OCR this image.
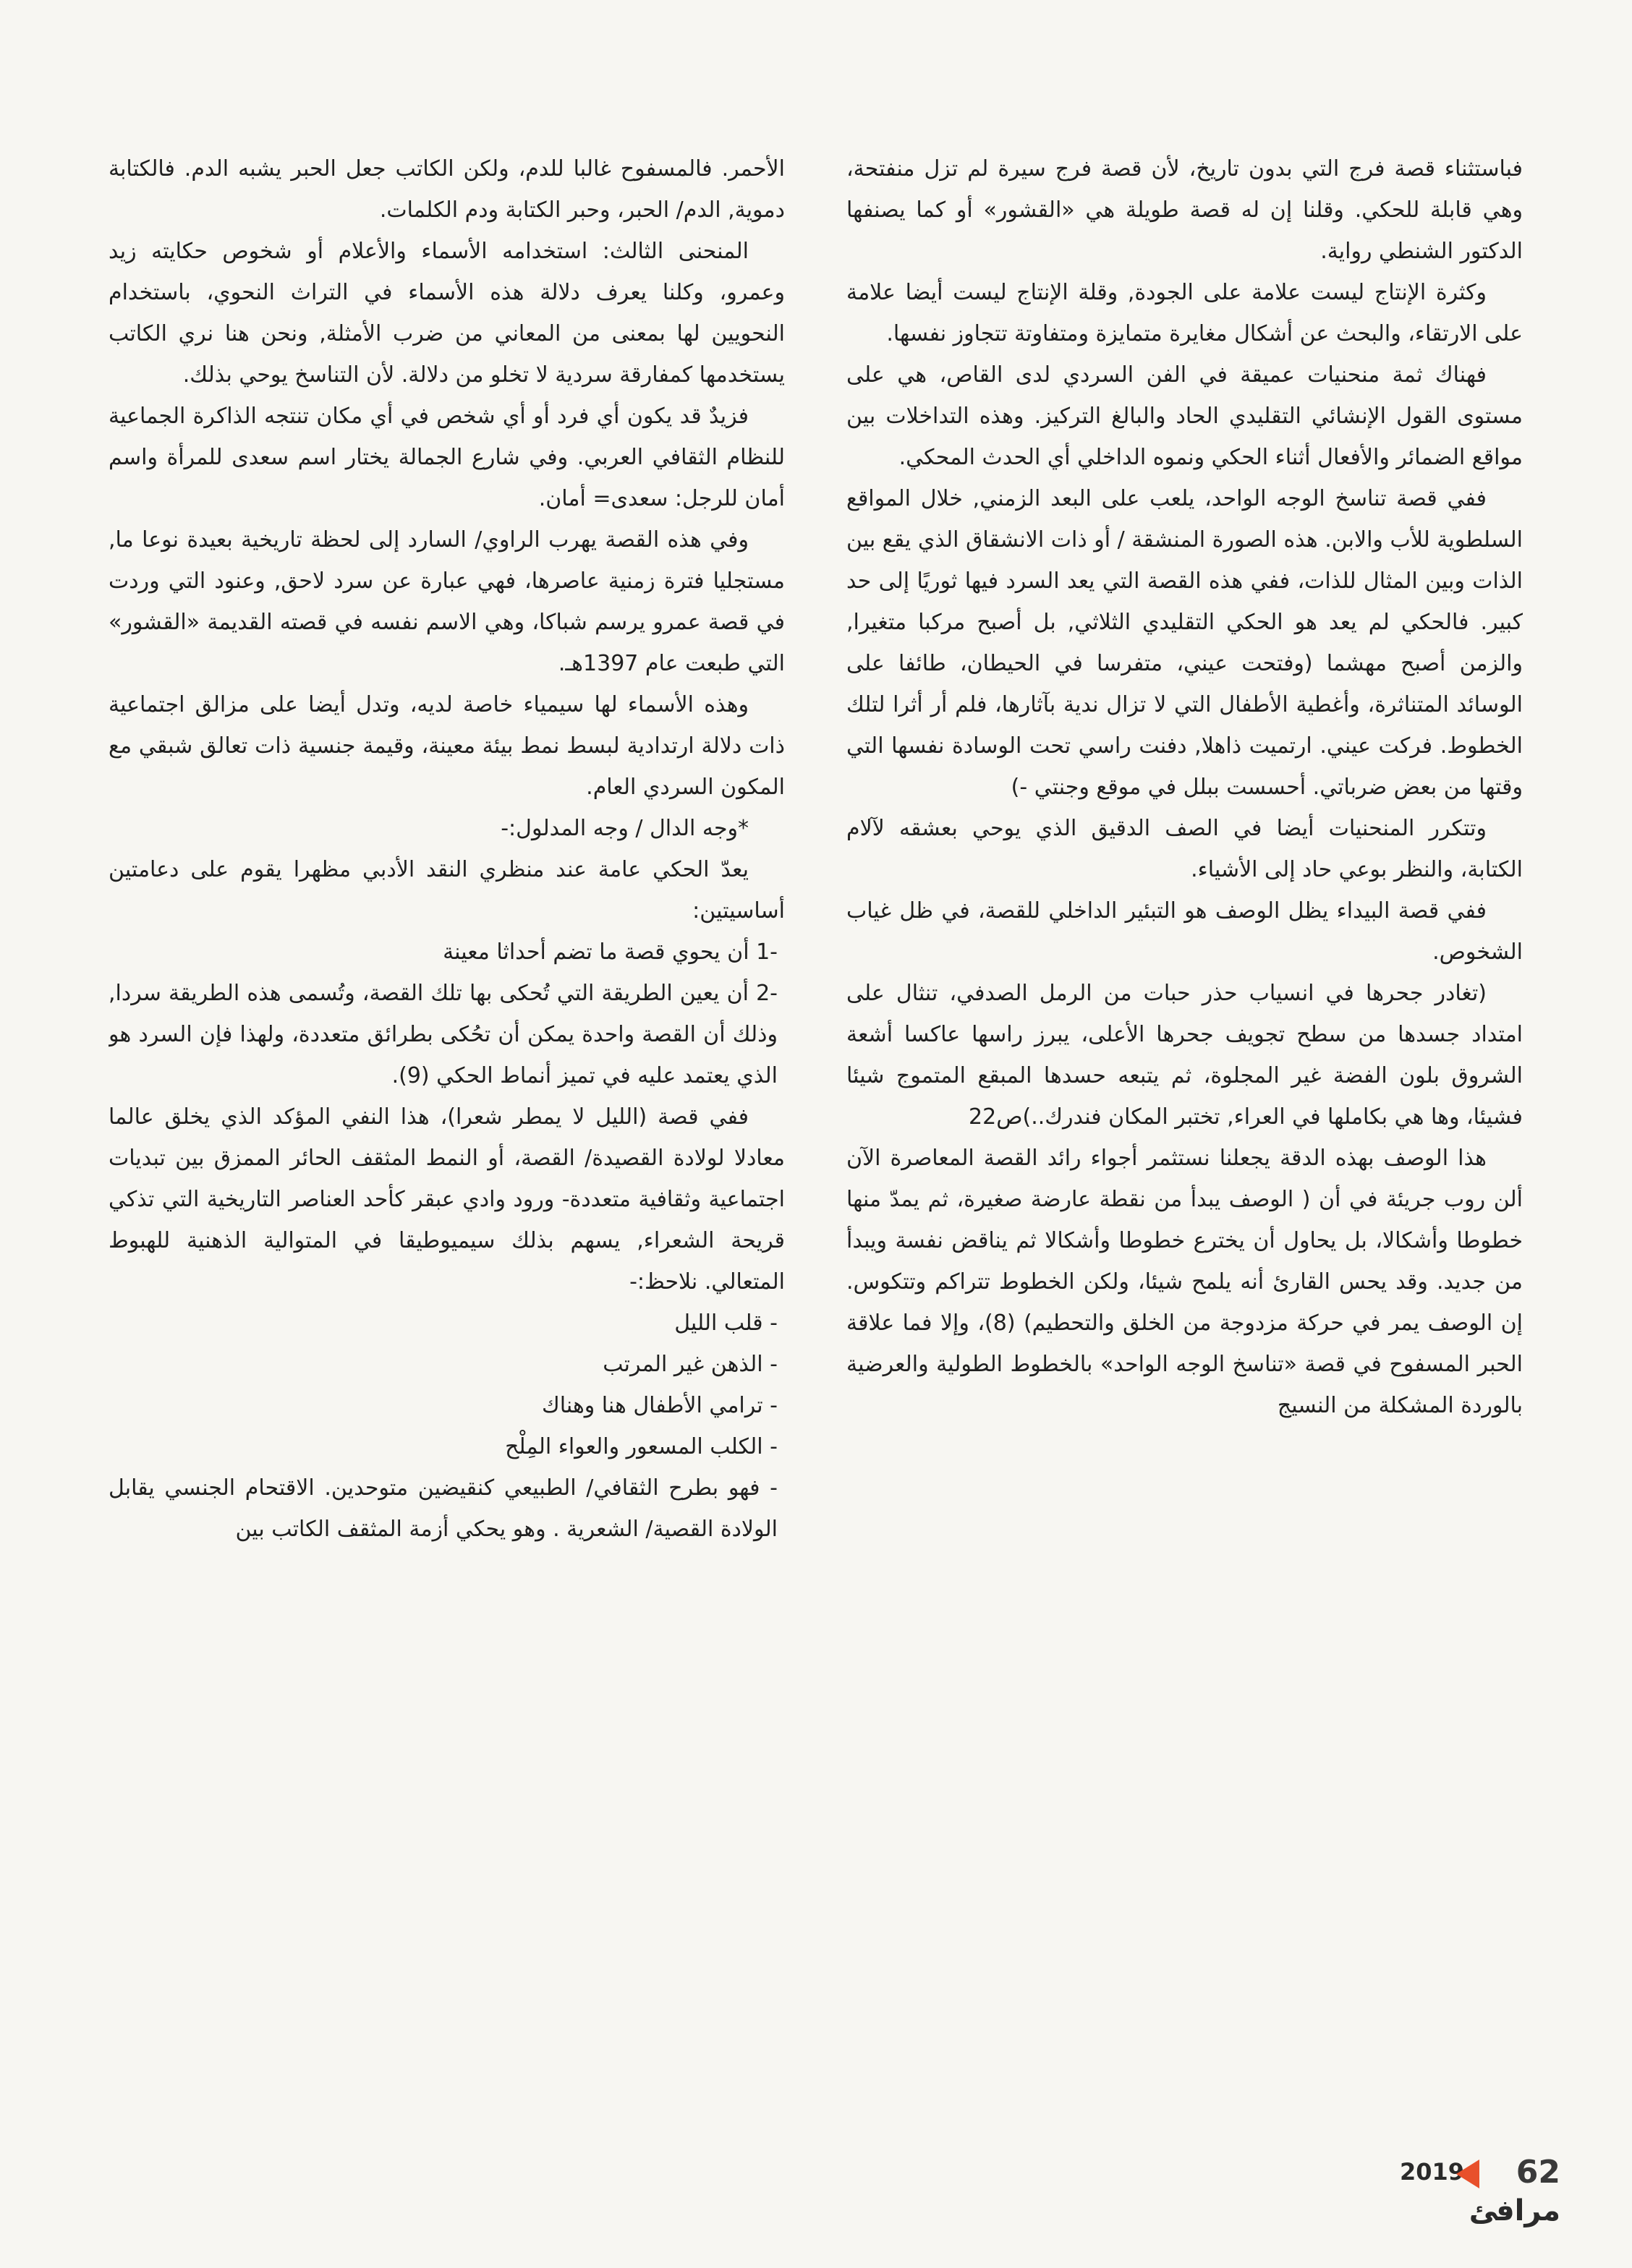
فباستثناء قصة فرج التي بدون تاريخ، لأن قصة فرج سيرة لم تزل منفتحة، وهي قابلة للحكي. وقلنا إن له قصة طويلة هي «القشور» أو كما يصنفها الدكتور الشنطي رواية.

وكثرة الإنتاج ليست علامة على الجودة, وقلة الإنتاج ليست أيضا علامة على الارتقاء، والبحث عن أشكال مغايرة متمايزة ومتفاوتة تتجاوز نفسها.

فهناك ثمة منحنيات عميقة في الفن السردي لدى القاص، هي على مستوى القول الإنشائي التقليدي الحاد والبالغ التركيز. وهذه التداخلات بين مواقع الضمائر والأفعال أثناء الحكي ونموه الداخلي أي الحدث المحكي.

ففي قصة تناسخ الوجه الواحد، يلعب على البعد الزمني, خلال المواقع السلطوية للأب والابن. هذه الصورة المنشقة / أو ذات الانشقاق الذي يقع بين الذات وبين المثال للذات، ففي هذه القصة التي يعد السرد فيها ثوريًا إلى حد كبير. فالحكي لم يعد هو الحكي التقليدي الثلاثي, بل أصبح مركبا متغيرا, والزمن أصبح مهشما (وفتحت عيني، متفرسا في الحيطان، طائفا على الوسائد المتناثرة، وأغطية الأطفال التي لا تزال ندية بآثارها، فلم أر أثرا لتلك الخطوط. فركت عيني. ارتميت ذاهلا, دفنت راسي تحت الوسادة نفسها التي وقتها من بعض ضرباتي. أحسست ببلل في موقع وجنتي -)

وتتكرر المنحنيات أيضا في الصف الدقيق الذي يوحي بعشقه لآلام الكتابة، والنظر بوعي حاد إلى الأشياء.

ففي قصة البيداء يظل الوصف هو التبئير الداخلي للقصة، في ظل غياب الشخوص.

(تغادر جحرها في انسياب حذر حبات من الرمل الصدفي، تنثال على امتداد جسدها من سطح تجويف جحرها الأعلى، يبرز راسها عاكسا أشعة الشروق بلون الفضة غير المجلوة، ثم يتبعه حسدها المبقع المتموج شيئا فشيئا، وها هي بكاملها في العراء, تختبر المكان فندرك..)ص22

هذا الوصف بهذه الدقة يجعلنا نستثمر أجواء رائد القصة المعاصرة الآن ألن روب جريئة في أن ( الوصف يبدأ من نقطة عارضة صغيرة، ثم يمدّ منها خطوطا وأشكالا، بل يحاول أن يخترع خطوطا وأشكالا ثم يناقض نفسة ويبدأ من جديد. وقد يحس القارئ أنه يلمح شيئا، ولكن الخطوط تتراكم وتتكوس. إن الوصف يمر في حركة مزدوجة من الخلق والتحطيم) (8)، وإلا فما علاقة الحبر المسفوح في قصة «تناسخ الوجه الواحد» بالخطوط الطولية والعرضية بالوردة المشكلة من النسيج

الأحمر. فالمسفوح غالبا للدم، ولكن الكاتب جعل الحبر يشبه الدم. فالكتابة دموية, الدم/ الحبر، وحبر الكتابة ودم الكلمات.

المنحنى الثالث: استخدامه الأسماء والأعلام أو شخوص حكايته زيد وعمرو، وكلنا يعرف دلالة هذه الأسماء في التراث النحوي، باستخدام النحويين لها بمعنى من المعاني من ضرب الأمثلة, ونحن هنا نري الكاتب يستخدمها كمفارقة سردية لا تخلو من دلالة. لأن التناسخ يوحي بذلك.

فزيدٌ قد يكون أي فرد أو أي شخص في أي مكان تنتجه الذاكرة الجماعية للنظام الثقافي العربي. وفي شارع الجمالة يختار اسم سعدى للمرأة واسم أمان للرجل: سعدى= أمان.

وفي هذه القصة يهرب الراوي/ السارد إلى لحظة تاريخية بعيدة نوعا ما, مستجليا فترة زمنية عاصرها، فهي عبارة عن سرد لاحق, وعنود التي وردت في قصة عمرو يرسم شباكا، وهي الاسم نفسه في قصته القديمة «القشور» التي طبعت عام 1397هـ.

وهذه الأسماء لها سيمياء خاصة لديه، وتدل أيضا على مزالق اجتماعية ذات دلالة ارتدادية لبسط نمط بيئة معينة، وقيمة جنسية ذات تعالق شبقي مع المكون السردي العام.

*وجه الدال / وجه المدلول:-

يعدّ الحكي عامة عند منظري النقد الأدبي مظهرا يقوم على دعامتين أساسيتين:

-1 أن يحوي قصة ما تضم أحداثا معينة

-2 أن يعين الطريقة التي تُحكى بها تلك القصة، وتُسمى هذه الطريقة سردا, وذلك أن القصة واحدة يمكن أن تحُكى بطرائق متعددة، ولهذا فإن السرد هو الذي يعتمد عليه في تميز أنماط الحكي (9).

ففي قصة (الليل لا يمطر شعرا)، هذا النفي المؤكد الذي يخلق عالما معادلا لولادة القصيدة/ القصة، أو النمط المثقف الحائر الممزق بين تبديات اجتماعية وثقافية متعددة- ورود وادي عبقر كأحد العناصر التاريخية التي تذكي قريحة الشعراء, يسهم بذلك سيميوطيقا في المتوالية الذهنية للهبوط المتعالي. نلاحظ:-

- قلب الليل

- الذهن غير المرتب

- ترامي الأطفال هنا وهناك

- الكلب المسعور والعواء المِلْح

- فهو بطرح الثقافي/ الطبيعي كنقيضين متوحدين. الاقتحام الجنسي يقابل الولادة القصية/ الشعرية . وهو يحكي أزمة المثقف الكاتب بين

2019 62
مرافئ
